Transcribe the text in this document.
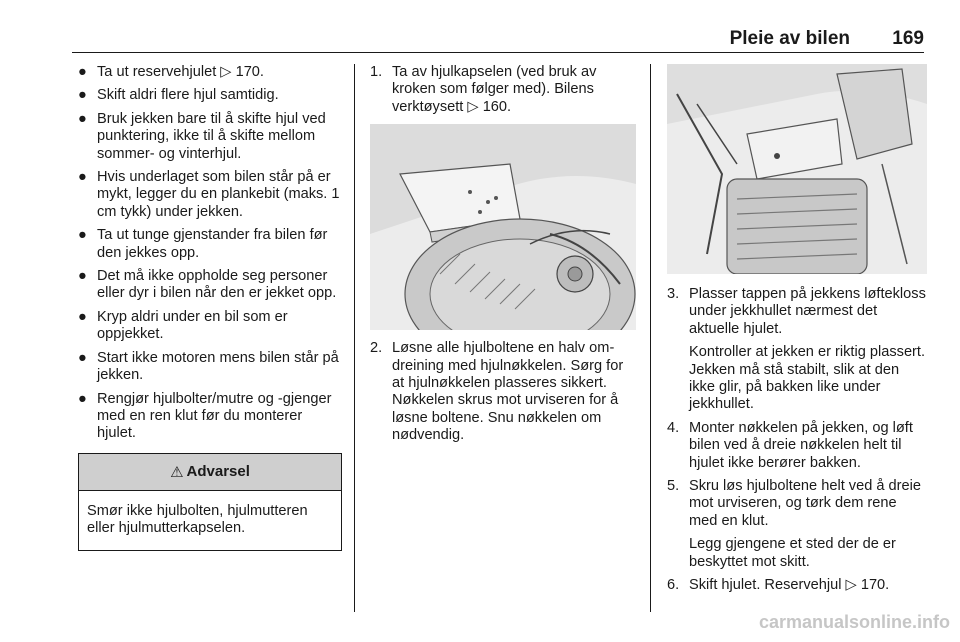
Pleie av bilen	169
● Ta ut reservehjulet ▷ 170.
● Skift aldri flere hjul samtidig.
● Bruk jekken bare til å skifte hjul ved punktering, ikke til å skifte mellom sommer- og vinterhjul.
● Hvis underlaget som bilen står på er mykt, legger du en plankebit (maks. 1 cm tykk) under jekken.
● Ta ut tunge gjenstander fra bilen før den jekkes opp.
● Det må ikke oppholde seg personer eller dyr i bilen når den er jekket opp.
● Kryp aldri under en bil som er oppjekket.
● Start ikke motoren mens bilen står på jekken.
● Rengjør hjulbolter/mutre og -gjenger med en ren klut før du monterer hjulet.
⚠ Advarsel
Smør ikke hjulbolten, hjulmutteren eller hjulmutterkapselen.
1. Ta av hjulkapselen (ved bruk av kroken som følger med). Bilens verktøysett ▷ 160.

2. Løsne alle hjulboltene en halv omdreining med hjulnøkkelen. Sørg for at hjulnøkkelen plasseres sikkert. Nøkkelen skrus mot urviseren for å løsne boltene. Snu nøkkelen om nødvendig.

3. Plasser tappen på jekkens løftekloss under jekkhullet nærmest det aktuelle hjulet.

Kontroller at jekken er riktig plassert. Jekken må stå stabilt, slik at den ikke glir, på bakken like under jekkhullet.

4. Monter nøkkelen på jekken, og løft bilen ved å dreie nøkkelen helt til hjulet ikke berører bakken.

5. Skru løs hjulboltene helt ved å dreie mot urviseren, og tørk dem rene med en klut.

Legg gjengene et sted der de er beskyttet mot skitt.

6. Skift hjulet. Reservehjul ▷ 170.

carmanualsonline.info
